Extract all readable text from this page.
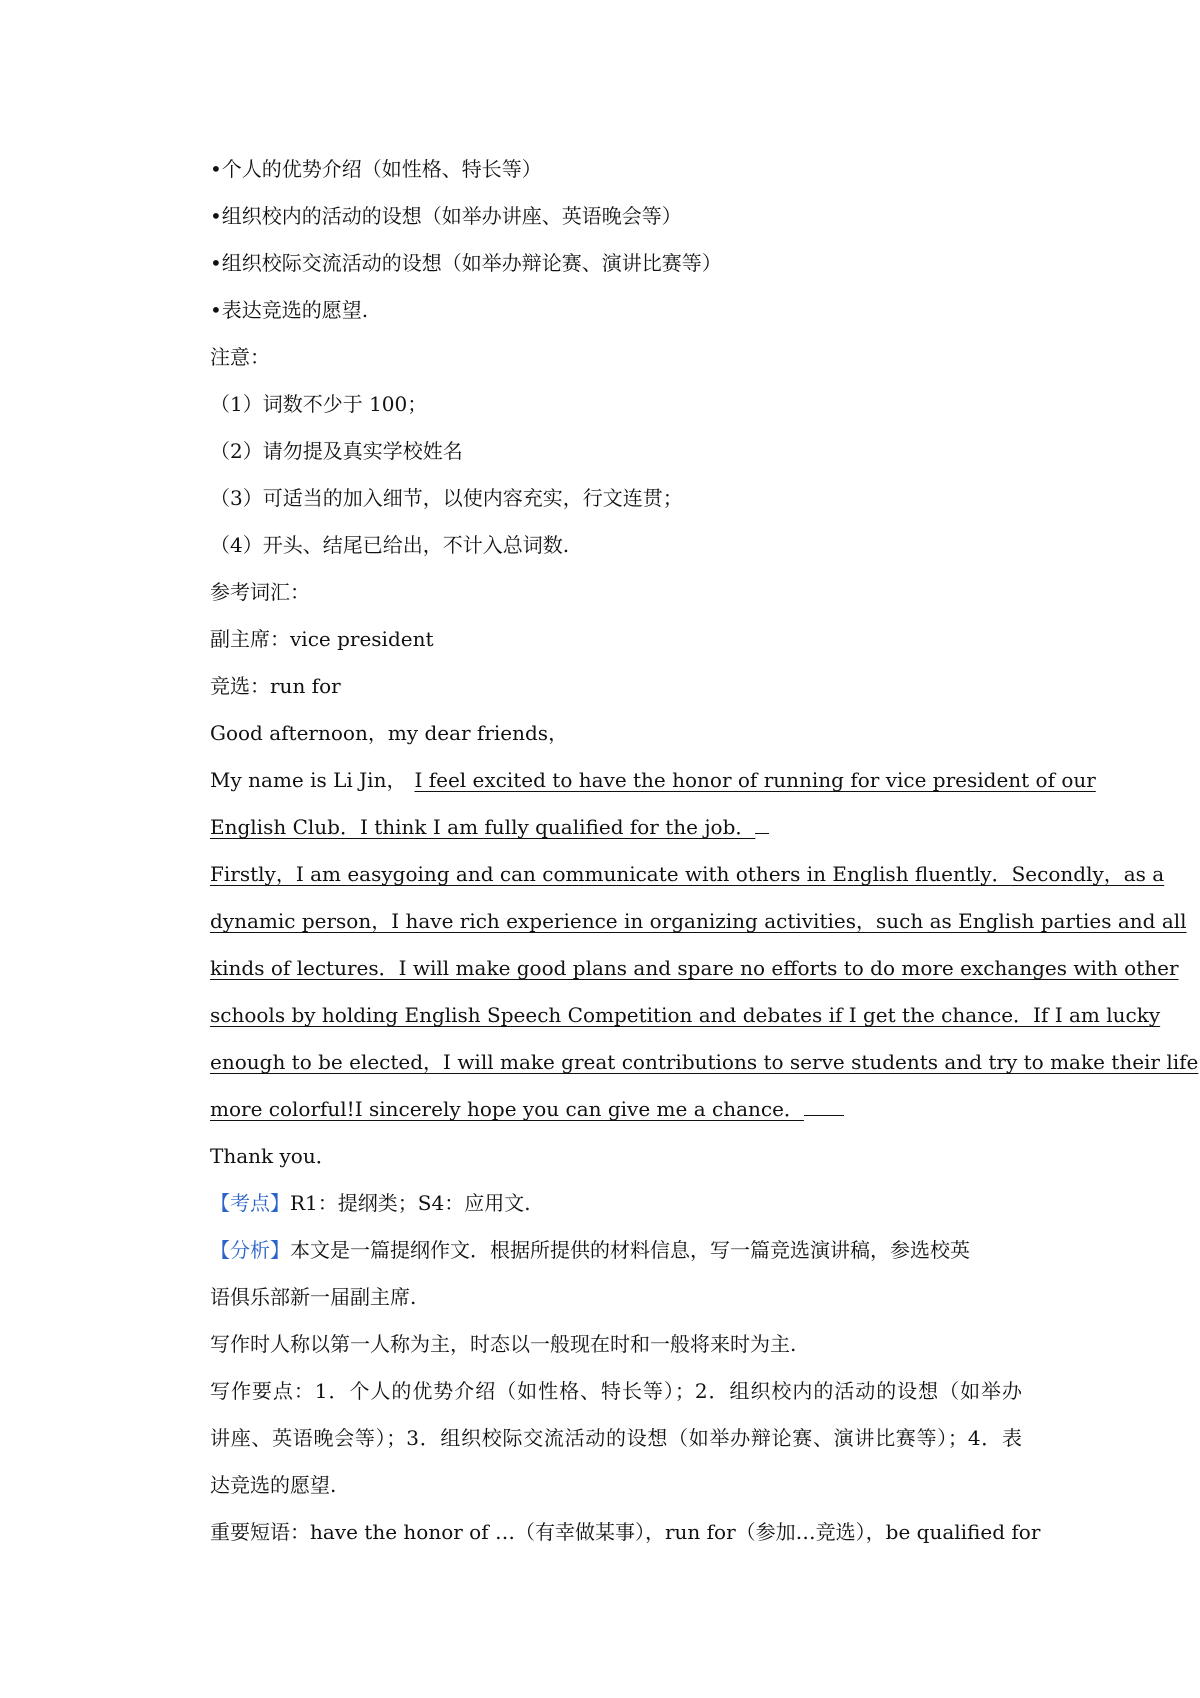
•个人的优势介绍（如性格、特长等）
•组织校内的活动的设想（如举办讲座、英语晚会等）
•组织校际交流活动的设想（如举办辩论赛、演讲比赛等）
•表达竞选的愿望.
注意：
（1）词数不少于 100；
（2）请勿提及真实学校姓名
（3）可适当的加入细节，以使内容充实，行文连贯；
（4）开头、结尾已给出，不计入总词数.
参考词汇：
副主席：vice president
竞选：run for
Good afternoon，my dear friends，
My name is Li Jin， I feel excited to have the honor of running for vice president of our
English Club．I think I am fully qualified for the job．
Firstly，I am easygoing and can communicate with others in English fluently．Secondly，as a
dynamic person，I have rich experience in organizing activities，such as English parties and all
kinds of lectures．I will make good plans and spare no efforts to do more exchanges with other
schools by holding English Speech Competition and debates if I get the chance．If I am lucky
enough to be elected，I will make great contributions to serve students and try to make their life
more colorful!I sincerely hope you can give me a chance．
Thank you．
【考点】R1：提纲类；S4：应用文.
【分析】本文是一篇提纲作文．根据所提供的材料信息，写一篇竞选演讲稿，参选校英
语俱乐部新一届副主席.
写作时人称以第一人称为主，时态以一般现在时和一般将来时为主.
写作要点：1．个人的优势介绍（如性格、特长等）；2．组织校内的活动的设想（如举办
讲座、英语晚会等）；3．组织校际交流活动的设想（如举办辩论赛、演讲比赛等）；4．表
达竞选的愿望.
重要短语：have the honor of …（有幸做某事），run for（参加…竞选），be qualified for
